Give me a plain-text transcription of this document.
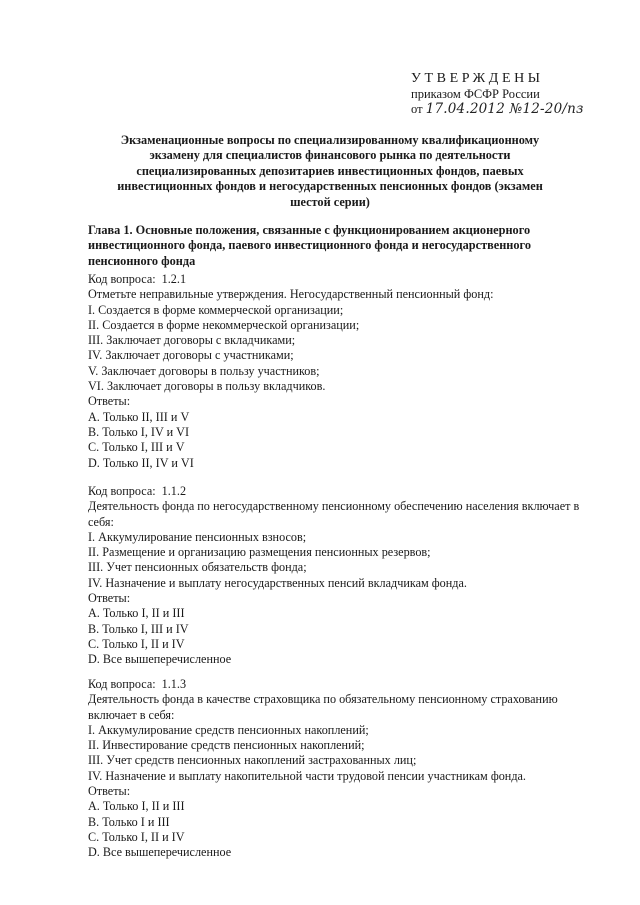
УТВЕРЖДЕНЫ
приказом ФСФР России
от 17.04.2012 №12-20/пз
Экзаменационные вопросы по специализированному квалификационному экзамену для специалистов финансового рынка по деятельности специализированных депозитариев инвестиционных фондов, паевых инвестиционных фондов и негосударственных пенсионных фондов (экзамен шестой серии)
Глава 1. Основные положения, связанные с функционированием акционерного инвестиционного фонда, паевого инвестиционного фонда и негосударственного пенсионного фонда
Код вопроса: 1.2.1
Отметьте неправильные утверждения. Негосударственный пенсионный фонд:
I. Создается в форме коммерческой организации;
II. Создается в форме некоммерческой организации;
III. Заключает договоры с вкладчиками;
IV. Заключает договоры с участниками;
V. Заключает договоры в пользу участников;
VI. Заключает договоры в пользу вкладчиков.
Ответы:
A. Только II, III и V
B. Только I, IV и VI
C. Только I, III и V
D. Только II, IV и VI
Код вопроса: 1.1.2
Деятельность фонда по негосударственному пенсионному обеспечению населения включает в себя:
I. Аккумулирование пенсионных взносов;
II. Размещение и организацию размещения пенсионных резервов;
III. Учет пенсионных обязательств фонда;
IV. Назначение и выплату негосударственных пенсий вкладчикам фонда.
Ответы:
A. Только I, II и III
B. Только I, III и IV
C. Только I, II и IV
D. Все вышеперечисленное
Код вопроса: 1.1.3
Деятельность фонда в качестве страховщика по обязательному пенсионному страхованию включает в себя:
I. Аккумулирование средств пенсионных накоплений;
II. Инвестирование средств пенсионных накоплений;
III. Учет средств пенсионных накоплений застрахованных лиц;
IV. Назначение и выплату накопительной части трудовой пенсии участникам фонда.
Ответы:
A. Только I, II и III
B. Только I и III
C. Только I, II и IV
D. Все вышеперечисленное
